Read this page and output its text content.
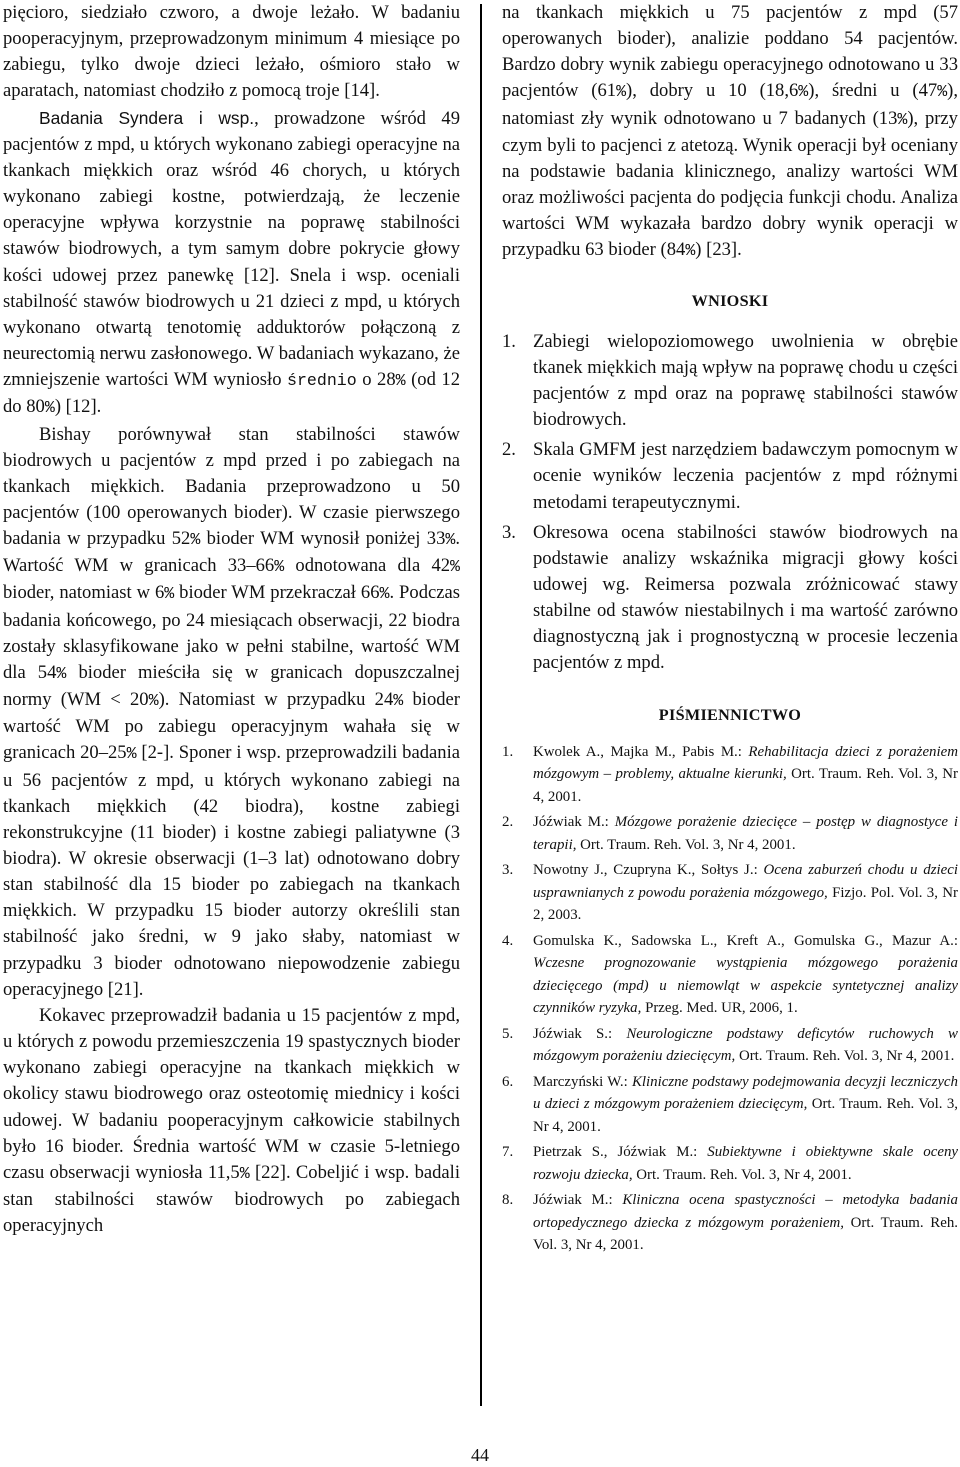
pięcioro, siedziało czworo, a dwoje leżało. W badaniu pooperacyjnym, przeprowadzonym minimum 4 miesiące po zabiegu, tylko dwoje dzieci leżało, ośmioro stało w aparatach, natomiast chodziło z pomocą troje [14].

Badania Syndera i wsp., prowadzone wśród 49 pacjentów z mpd, u których wykonano zabiegi operacyjne na tkankach miękkich oraz wśród 46 chorych, u których wykonano zabiegi kostne, potwierdzają, że leczenie operacyjne wpływa korzystnie na poprawę stabilności stawów biodrowych, a tym samym dobre pokrycie głowy kości udowej przez panewkę [12]. Snela i wsp. oceniali stabilność stawów biodrowych u 21 dzieci z mpd, u których wykonano otwartą tenotomię adduktorów połączoną z neurectomią nerwu zasłonowego. W badaniach wykazano, że zmniejszenie wartości WM wyniosło średnio o 28% (od 12 do 80%) [12].

Bishay porównywał stan stabilności stawów biodrowych u pacjentów z mpd przed i po zabiegach na tkankach miękkich. Badania przeprowadzono u 50 pacjentów (100 operowanych bioder). W czasie pierwszego badania w przypadku 52% bioder WM wynosił poniżej 33%. Wartość WM w granicach 33–66% odnotowana dla 42% bioder, natomiast w 6% bioder WM przekraczał 66%. Podczas badania końcowego, po 24 miesiącach obserwacji, 22 biodra zostały sklasyfikowane jako w pełni stabilne, wartość WM dla 54% bioder mieściła się w granicach dopuszczalnej normy (WM < 20%). Natomiast w przypadku 24% bioder wartość WM po zabiegu operacyjnym wahała się w granicach 20–25% [2-]. Sponer i wsp. przeprowadzili badania u 56 pacjentów z mpd, u których wykonano zabiegi na tkankach miękkich (42 biodra), kostne zabiegi rekonstrukcyjne (11 bioder) i kostne zabiegi paliatywne (3 biodra). W okresie obserwacji (1–3 lat) odnotowano dobry stan stabilność dla 15 bioder po zabiegach na tkankach miękkich. W przypadku 15 bioder autorzy określili stan stabilność jako średni, w 9 jako słaby, natomiast w przypadku 3 bioder odnotowano niepowodzenie zabiegu operacyjnego [21].

Kokavec przeprowadził badania u 15 pacjentów z mpd, u których z powodu przemieszczenia 19 spastycznych bioder wykonano zabiegi operacyjne na tkankach miękkich w okolicy stawu biodrowego oraz osteotomię miednicy i kości udowej. W badaniu pooperacyjnym całkowicie stabilnych było 16 bioder. Średnia wartość WM w czasie 5-letniego czasu obserwacji wyniosła 11,5% [22]. Cobeljić i wsp. badali stan stabilności stawów biodrowych po zabiegach operacyjnych

na tkankach miękkich u 75 pacjentów z mpd (57 operowanych bioder), analizie poddano 54 pacjentów. Bardzo dobry wynik zabiegu operacyjnego odnotowano u 33 pacjentów (61%), dobry u 10 (18,6%), średni u (47%), natomiast zły wynik odnotowano u 7 badanych (13%), przy czym byli to pacjenci z atetozą. Wynik operacji był oceniany na podstawie badania klinicznego, analizy wartości WM oraz możliwości pacjenta do podjęcia funkcji chodu. Analiza wartości WM wykazała bardzo dobry wynik operacji w przypadku 63 bioder (84%) [23].

WNIOSKI
1. Zabiegi wielopoziomowego uwolnienia w obrębie tkanek miękkich mają wpływ na poprawę chodu u części pacjentów z mpd oraz na poprawę stabilności stawów biodrowych.
2. Skala GMFM jest narzędziem badawczym pomocnym w ocenie wyników leczenia pacjentów z mpd różnymi metodami terapeutycznymi.
3. Okresowa ocena stabilności stawów biodrowych na podstawie analizy wskaźnika migracji głowy kości udowej wg. Reimersa pozwala zróżnicować stawy stabilne od stawów niestabilnych i ma wartość zarówno diagnostyczną jak i prognostyczną w procesie leczenia pacjentów z mpd.
PIŚMIENNICTWO
1. Kwolek A., Majka M., Pabis M.: Rehabilitacja dzieci z porażeniem mózgowym – problemy, aktualne kierunki, Ort. Traum. Reh. Vol. 3, Nr 4, 2001.
2. Jóźwiak M.: Mózgowe porażenie dziecięce – postęp w diagnostyce i terapii, Ort. Traum. Reh. Vol. 3, Nr 4, 2001.
3. Nowotny J., Czupryna K., Sołtys J.: Ocena zaburzeń chodu u dzieci usprawnianych z powodu porażenia mózgowego, Fizjo. Pol. Vol. 3, Nr 2, 2003.
4. Gomulska K., Sadowska L., Kreft A., Gomulska G., Mazur A.: Wczesne prognozowanie wystąpienia mózgowego porażenia dziecięcego (mpd) u niemowląt w aspekcie syntetycznej analizy czynników ryzyka, Przeg. Med. UR, 2006, 1.
5. Jóźwiak S.: Neurologiczne podstawy deficytów ruchowych w mózgowym porażeniu dziecięcym, Ort. Traum. Reh. Vol. 3, Nr 4, 2001.
6. Marczyński W.: Kliniczne podstawy podejmowania decyzji leczniczych u dzieci z mózgowym porażeniem dziecięcym, Ort. Traum. Reh. Vol. 3, Nr 4, 2001.
7. Pietrzak S., Jóźwiak M.: Subiektywne i obiektywne skale oceny rozwoju dziecka, Ort. Traum. Reh. Vol. 3, Nr 4, 2001.
8. Jóźwiak M.: Kliniczna ocena spastyczności – metodyka badania ortopedycznego dziecka z mózgowym porażeniem, Ort. Traum. Reh. Vol. 3, Nr 4, 2001.
44
